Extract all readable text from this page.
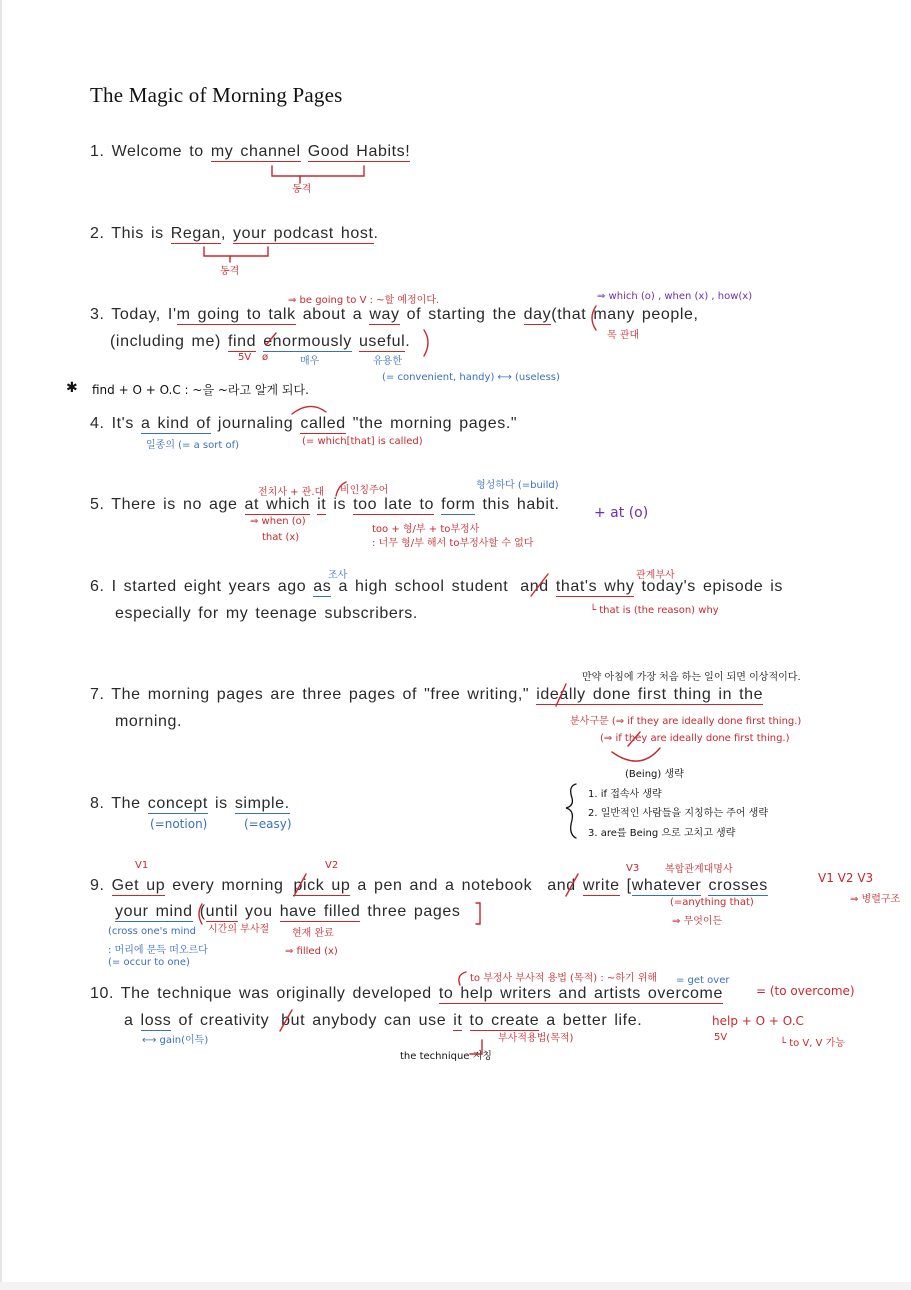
The Magic of Morning Pages
1. Welcome to my channel Good Habits!
2. This is Regan, your podcast host.
3. Today, I'm going to talk about a way of starting the day(that many people,
(including me) find enormously useful.
4. It's a kind of journaling called "the morning pages."
5. There is no age at which it is too late to form this habit.
6. I started eight years ago as a high school student and that's why today's episode is
especially for my teenage subscribers.
7. The morning pages are three pages of "free writing," ideally done first thing in the
morning.
8. The concept is simple.
9. Get up every morning pick up a pen and a notebook and write [whatever crosses
your mind (until you have filled three pages
10. The technique was originally developed to help writers and artists overcome
a loss of creativity but anybody can use it to create a better life.
동격
동격
⇒ be going to V : ~할 예정이다.	⇒ which (o) , when (x) , how(x)
목 관대
5V ø	매우	유용한
(= convenient, handy) ⟷ (useless)
✱ find + O + O.C : ~을 ~라고 알게 되다.
일종의 (= a sort of)	(= which[that] is called)
전치사 + 관.대 비인칭주어	형성하다 (=build)
⇒ when (o)
that (x)
+ at (o)
too + 형/부 + to부정사
: 너무 형/부 해서 to부정사할 수 없다
조사	관계부사
└ that is (the reason) why
만약 아침에 가장 처음 하는 일이 되면 이상적이다.
분사구문 (⇒ if they are ideally done first thing.)
(⇒ if they are ideally done first thing.)
(Being) 생략
(=notion)	(=easy)
1. if 접속사 생략
2. 일반적인 사람들을 지칭하는 주어 생략
3. are를 Being 으로 고치고 생략
V1	V2	V3	복합관계대명사
(=anything that)
⇒ 무엇이든
V1 V2 V3
⇒ 병렬구조
(cross one's mind
: 머리에 문득 떠오르다
(= occur to one)
시간의 부사절 현재 완료
⇒ filled (x)
to 부정사 부사적 용법 (목적) : ~하기 위해 = get over
= (to overcome)
⟷ gain(이득)	부사적용법(목적)
the technique 지칭
help + O + O.C
5V
└ to V, V 가능
